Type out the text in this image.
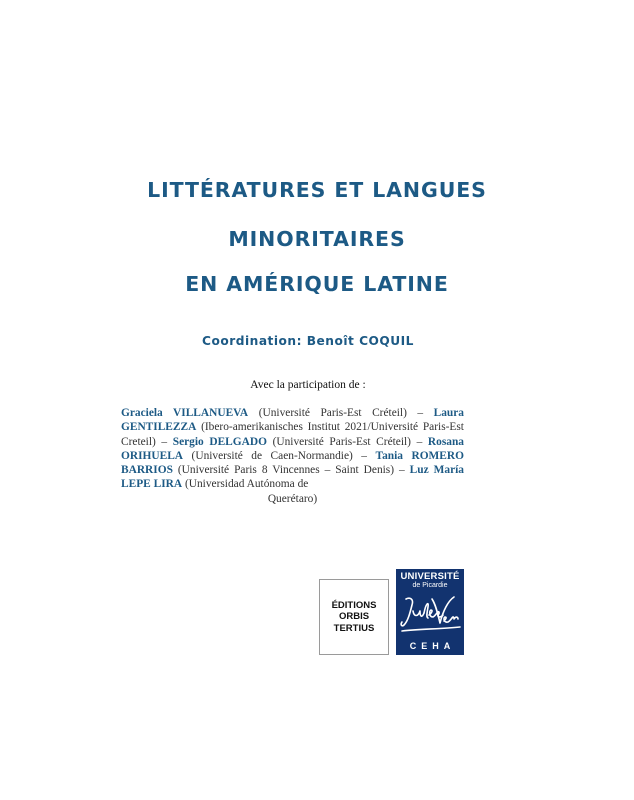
LITTÉRATURES ET LANGUES
MINORITAIRES
EN AMÉRIQUE LATINE
Coordination: Benoît COQUIL
Avec la participation de :
Graciela VILLANUEVA (Université Paris-Est Créteil) – Laura GENTILEZZA (Ibero-amerikanisches Institut 2021/Université Paris-Est Creteil) – Sergio DELGADO (Université Paris-Est Créteil) – Rosana ORIHUELA (Université de Caen-Normandie) – Tania ROMERO BARRIOS (Université Paris 8 Vincennes – Saint Denis) – Luz María LEPE LIRA (Universidad Autónoma de
Querétaro)
ÉDITIONS
ORBIS
TERTIUS
UNIVERSITÉ
de Picardie
CEHA
